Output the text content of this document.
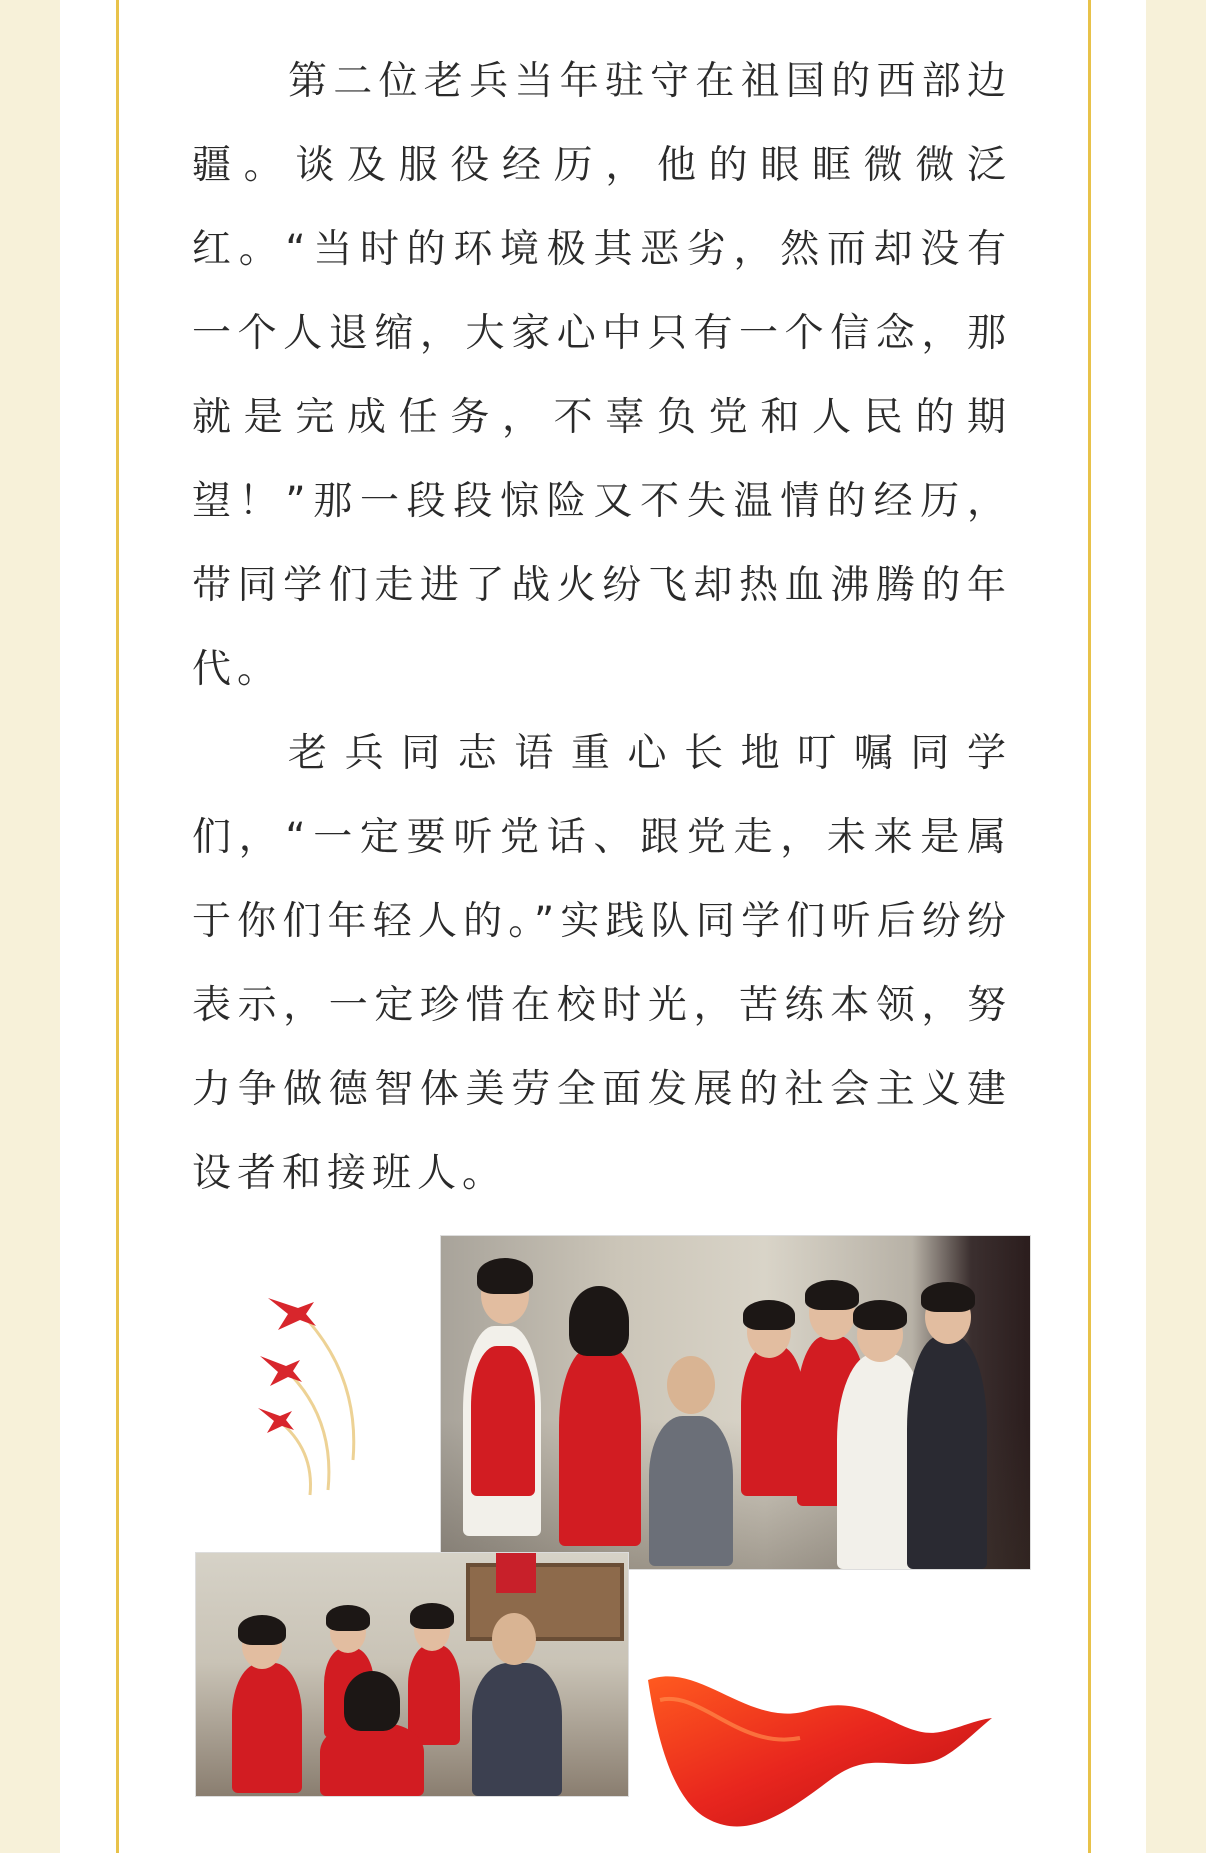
第二位老兵当年驻守在祖国的西部边疆。谈及服役经历，他的眼眶微微泛红。“当时的环境极其恶劣，然而却没有一个人退缩，大家心中只有一个信念，那就是完成任务，不辜负党和人民的期望！”那一段段惊险又不失温情的经历，带同学们走进了战火纷飞却热血沸腾的年代。

老兵同志语重心长地叮嘱同学们，“一定要听党话、跟党走，未来是属于你们年轻人的。”实践队同学们听后纷纷表示，一定珍惜在校时光，苦练本领，努力争做德智体美劳全面发展的社会主义建设者和接班人。
